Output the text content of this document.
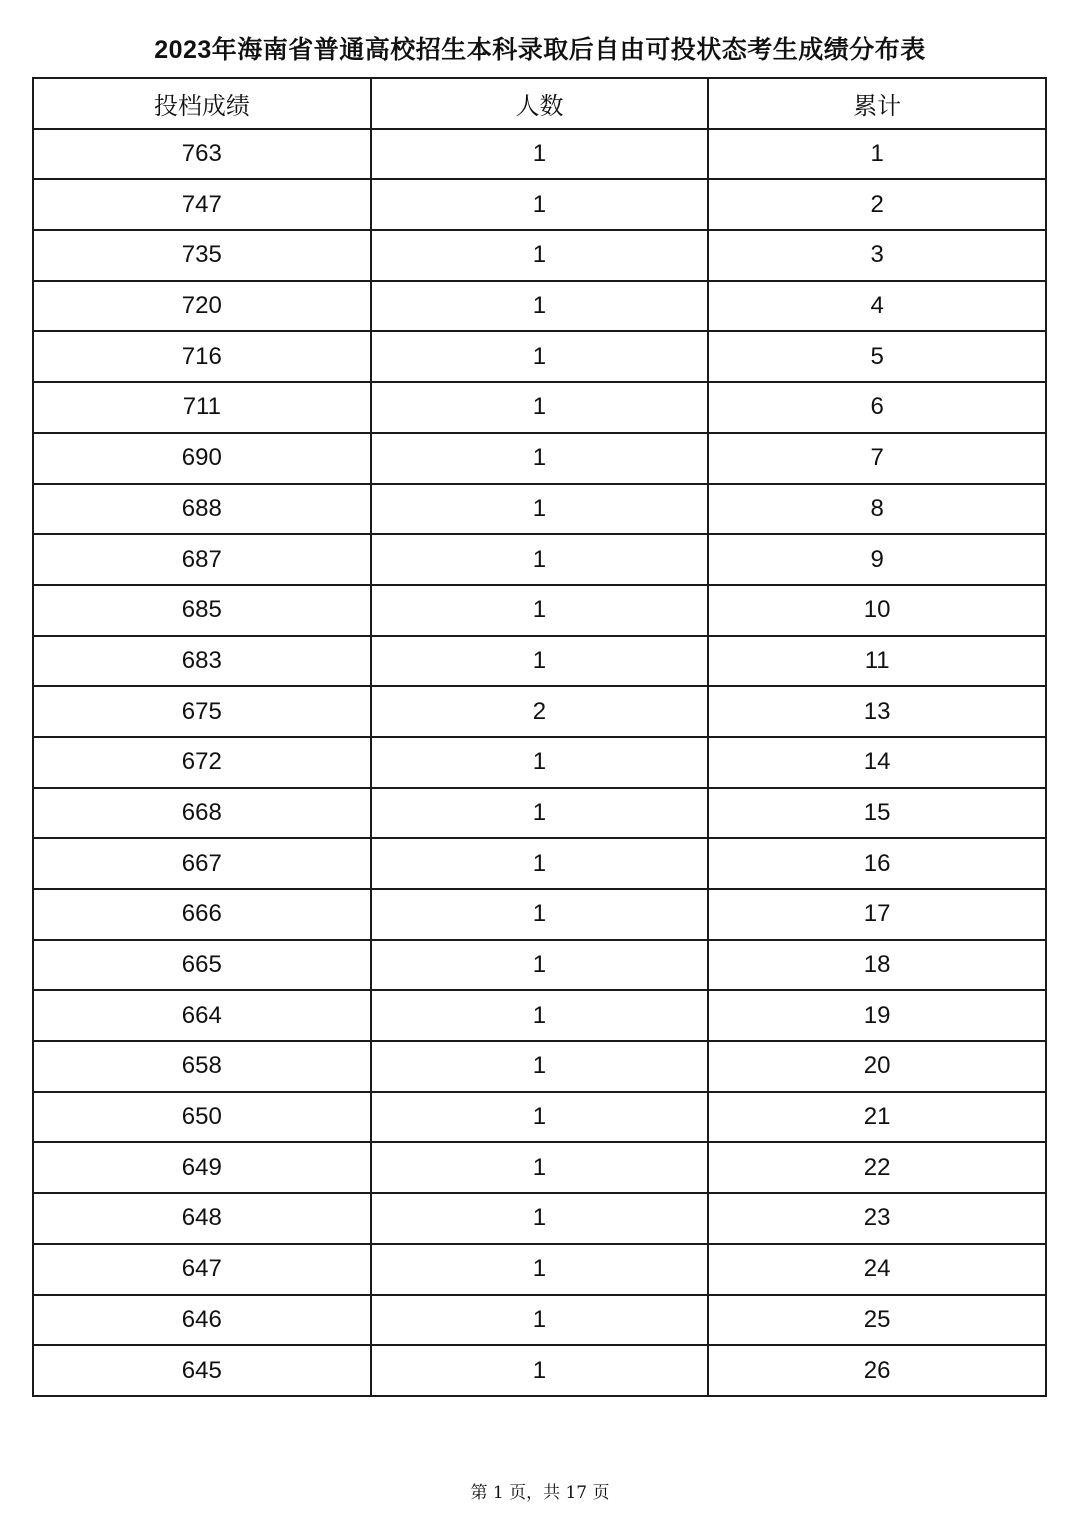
2023年海南省普通高校招生本科录取后自由可投状态考生成绩分布表
投档成绩	人数	累计
763	1	1
747	1	2
735	1	3
720	1	4
716	1	5
711	1	6
690	1	7
688	1	8
687	1	9
685	1	10
683	1	11
675	2	13
672	1	14
668	1	15
667	1	16
666	1	17
665	1	18
664	1	19
658	1	20
650	1	21
649	1	22
648	1	23
647	1	24
646	1	25
645	1	26
第 1 页，共 17 页
